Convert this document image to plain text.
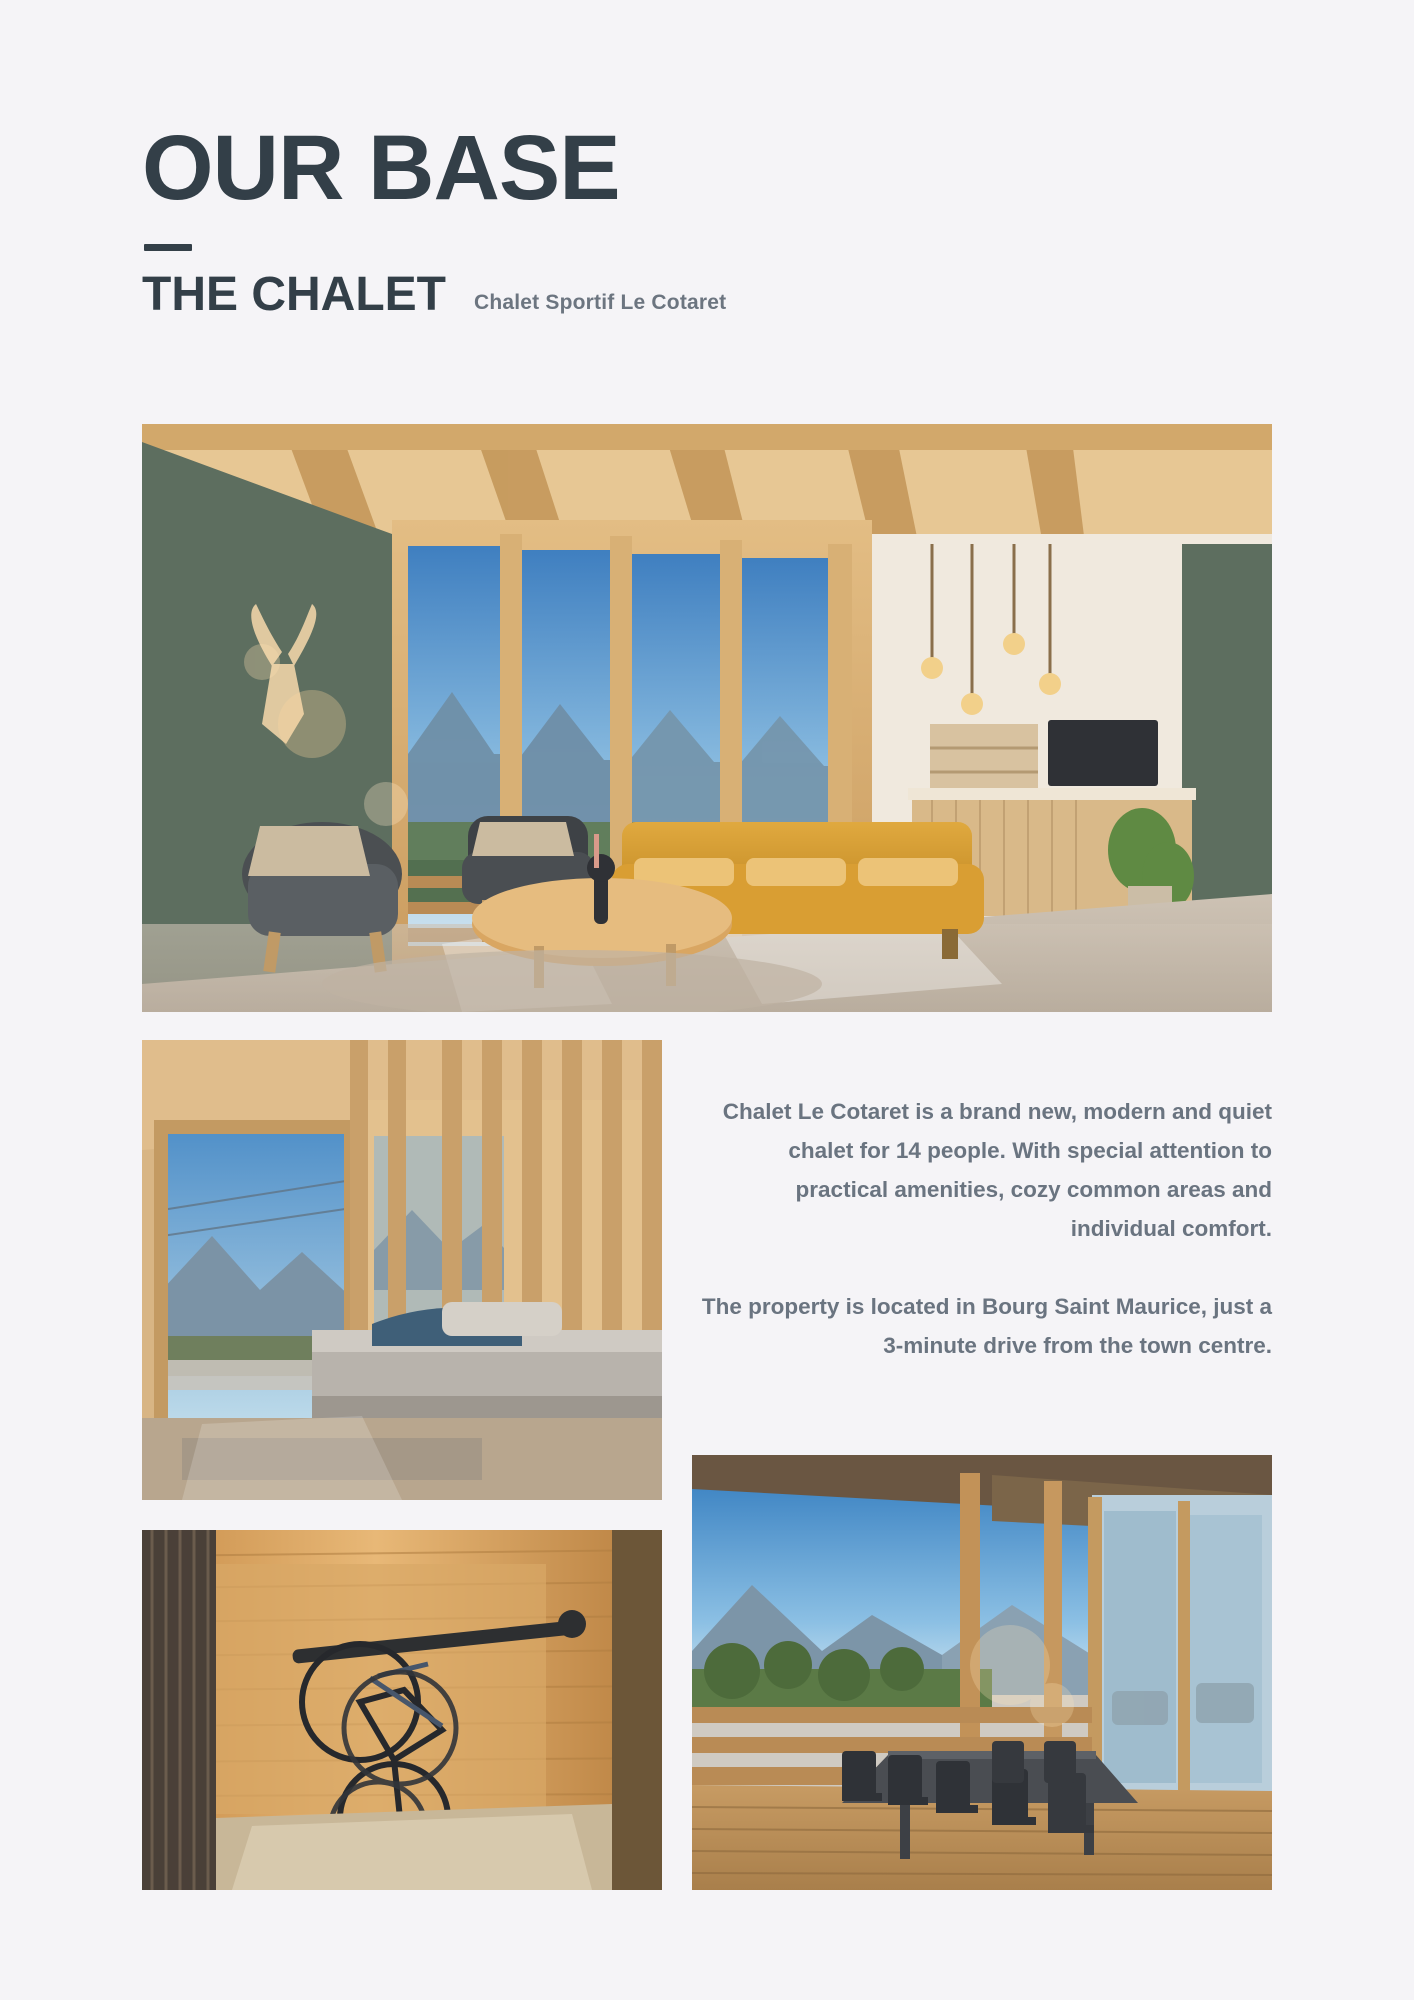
OUR BASE
THE CHALET Chalet Sportif Le Cotaret

Chalet Le Cotaret is a brand new, modern and quiet chalet for 14 people. With special attention to practical amenities, cozy common areas and individual comfort.

The property is located in Bourg Saint Maurice, just a 3-minute drive from the town centre.
